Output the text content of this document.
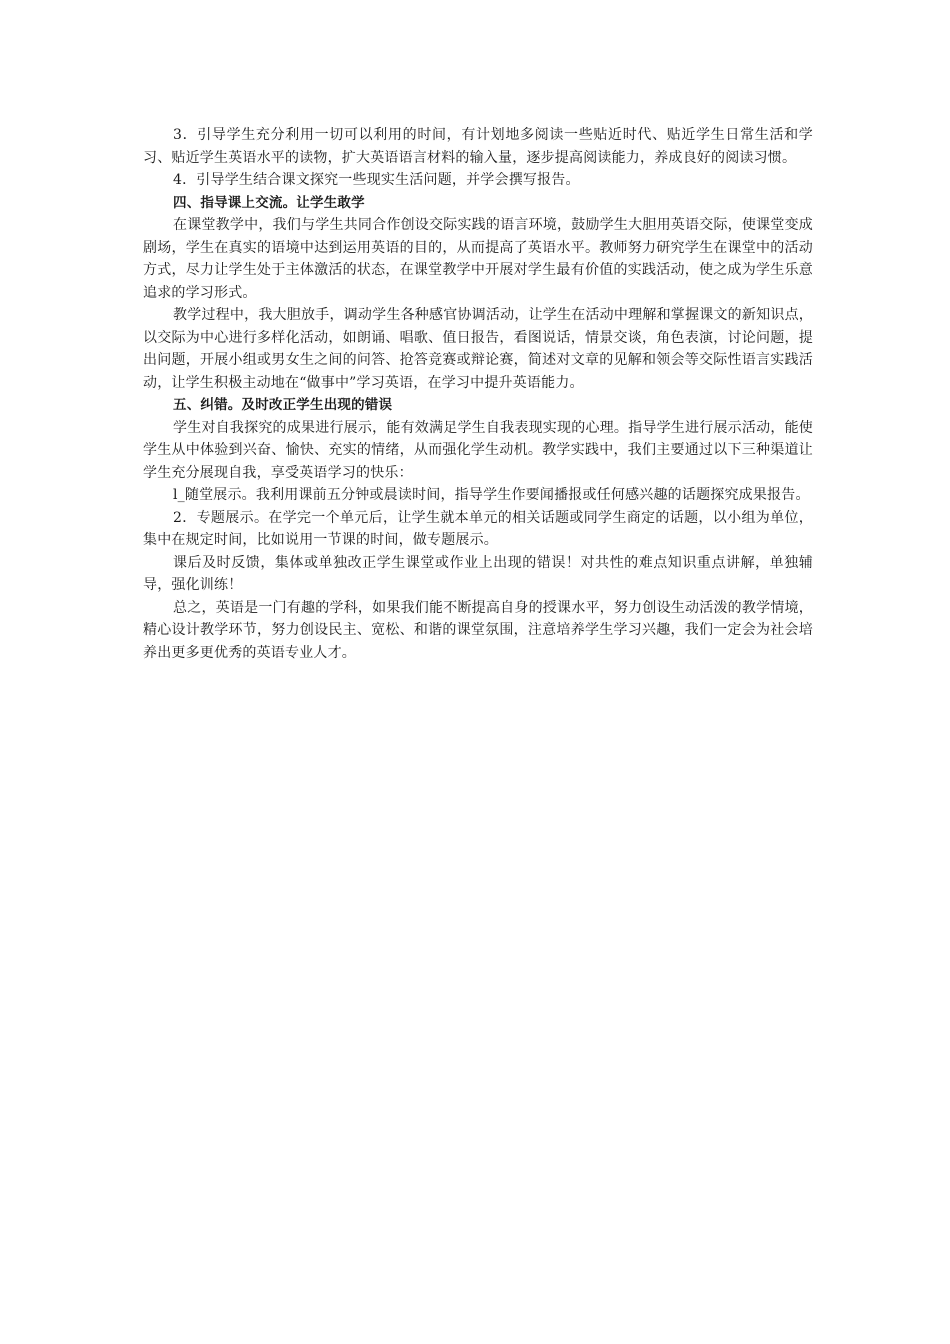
3．引导学生充分利用一切可以利用的时间，有计划地多阅读一些贴近时代、贴近学生日常生活和学习、贴近学生英语水平的读物，扩大英语语言材料的输入量，逐步提高阅读能力，养成良好的阅读习惯。

4．引导学生结合课文探究一些现实生活问题，并学会撰写报告。

四、指导课上交流。让学生敢学

在课堂教学中，我们与学生共同合作创设交际实践的语言环境，鼓励学生大胆用英语交际，使课堂变成剧场，学生在真实的语境中达到运用英语的目的，从而提高了英语水平。教师努力研究学生在课堂中的活动方式，尽力让学生处于主体激活的状态，在课堂教学中开展对学生最有价值的实践活动，使之成为学生乐意追求的学习形式。

教学过程中，我大胆放手，调动学生各种感官协调活动，让学生在活动中理解和掌握课文的新知识点，以交际为中心进行多样化活动，如朗诵、唱歌、值日报告，看图说话，情景交谈，角色表演，讨论问题，提出问题，开展小组或男女生之间的问答、抢答竞赛或辩论赛，简述对文章的见解和领会等交际性语言实践活动，让学生积极主动地在“做事中”学习英语，在学习中提升英语能力。

五、纠错。及时改正学生出现的错误

学生对自我探究的成果进行展示，能有效满足学生自我表现实现的心理。指导学生进行展示活动，能使学生从中体验到兴奋、愉快、充实的情绪，从而强化学生动机。教学实践中，我们主要通过以下三种渠道让学生充分展现自我，享受英语学习的快乐：

l_随堂展示。我利用课前五分钟或晨读时间，指导学生作要闻播报或任何感兴趣的话题探究成果报告。

2．专题展示。在学完一个单元后，让学生就本单元的相关话题或同学生商定的话题，以小组为单位，集中在规定时间，比如说用一节课的时间，做专题展示。

课后及时反馈，集体或单独改正学生课堂或作业上出现的错误！对共性的难点知识重点讲解，单独辅导，强化训练！

总之，英语是一门有趣的学科，如果我们能不断提高自身的授课水平，努力创设生动活泼的教学情境，精心设计教学环节，努力创设民主、宽松、和谐的课堂氛围，注意培养学生学习兴趣，我们一定会为社会培养出更多更优秀的英语专业人才。
